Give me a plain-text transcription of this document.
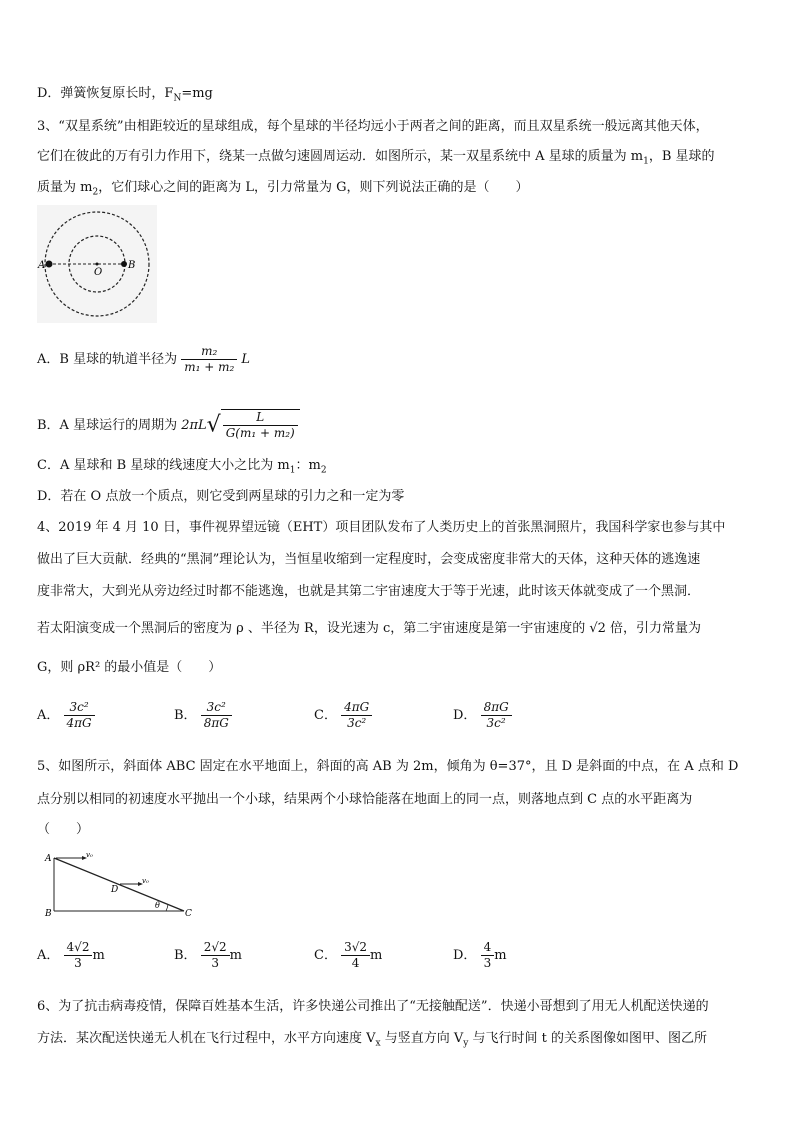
D．弹簧恢复原长时，$F_N=mg$
3、“双星系统”由相距较近的星球组成，每个星球的半径均远小于两者之间的距离，而且双星系统一般远离其他天体，
它们在彼此的万有引力作用下，绕某一点做匀速圆周运动．如图所示，某一双星系统中 A 星球的质量为 $m_1$，B 星球的
质量为 $m_2$，它们球心之间的距离为 L，引力常量为 G，则下列说法正确的是（　　）
A
O
B
A．B 星球的轨道半径为 $\frac{\text{m₂}}{\text{m₁ + m₂}}$ L
B．A 星球运行的周期为 $2\pi L√ \frac{L}{\text{G(m₁ + m₂)}}$
C．A 星球和 B 星球的线速度大小之比为 $m_1$：$m_2$
D．若在 O 点放一个质点，则它受到两星球的引力之和一定为零
4、2019 年 4 月 10 日，事件视界望远镜（EHT）项目团队发布了人类历史上的首张黑洞照片，我国科学家也参与其中
做出了巨大贡献．经典的“黑洞”理论认为，当恒星收缩到一定程度时，会变成密度非常大的天体，这种天体的逃逸速
度非常大，大到光从旁边经过时都不能逃逸，也就是其第二宇宙速度大于等于光速，此时该天体就变成了一个黑洞．
若太阳演变成一个黑洞后的密度为 ρ 、半径为 R，设光速为 c，第二宇宙速度是第一宇宙速度的 √2 倍，引力常量为
G，则 ρR² 的最小值是（　　）
A． $\frac{\text{3c²}}{4\pi G}$	B． $\frac{\text{3c²}}{8\pi G}$	C． $\frac{4\pi G}{\text{3c²}}$	D． $\frac{8\pi G}{\text{3c²}}$
5、如图所示，斜面体 ABC 固定在水平地面上，斜面的高 AB 为 2m，倾角为 θ=37°，且 D 是斜面的中点，在 A 点和 D
点分别以相同的初速度水平抛出一个小球，结果两个小球恰能落在地面上的同一点，则落地点到 C 点的水平距离为
（　　）
A
B	C
D
θ
v₀
v₀
A． $\frac{4√2}{3}$ m	B． $\frac{2√2}{3}$ m	C． $\frac{3√2}{4}$ m	D． $\frac{4}{3}$ m
6、为了抗击病毒疫情，保障百姓基本生活，许多快递公司推出了“无接触配送”．快递小哥想到了用无人机配送快递的
方法．某次配送快递无人机在飞行过程中，水平方向速度 $V_x$ 与竖直方向 $V_y$ 与飞行时间 t 的关系图像如图甲、图乙所
